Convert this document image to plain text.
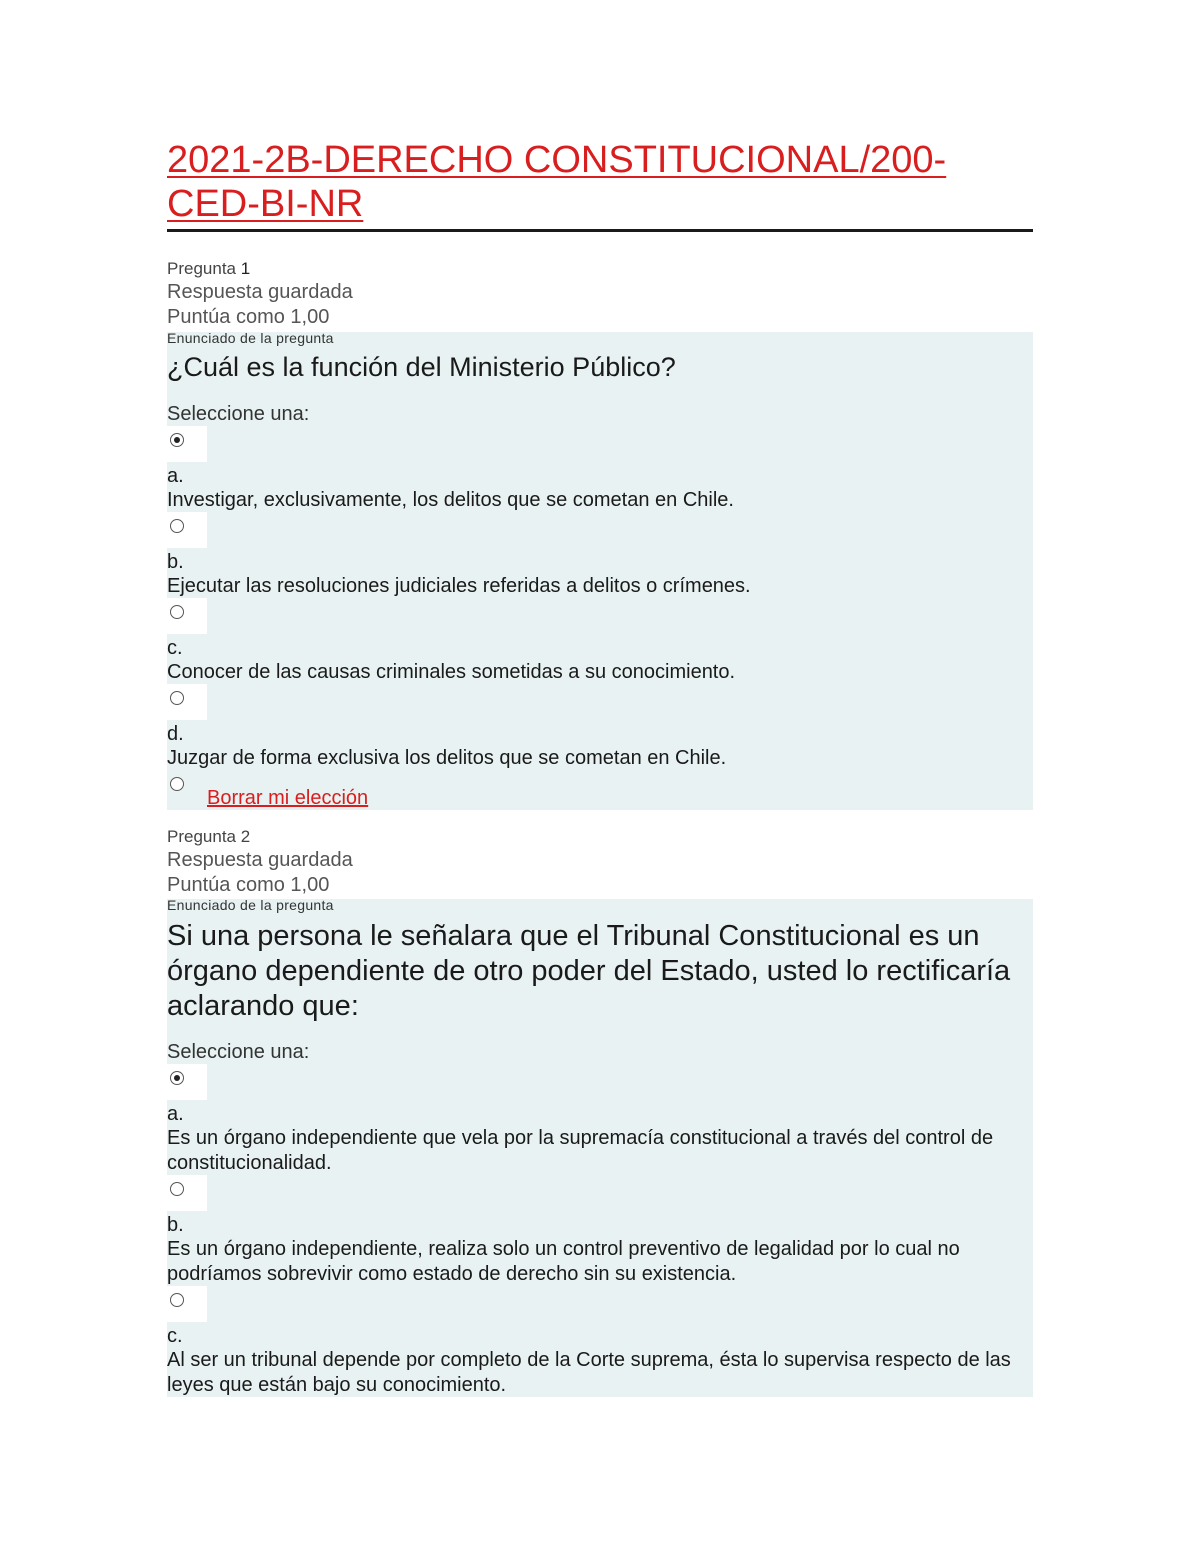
2021-2B-DERECHO CONSTITUCIONAL/200-CED-BI-NR
Pregunta 1
Respuesta guardada
Puntúa como 1,00
Enunciado de la pregunta
¿Cuál es la función del Ministerio Público?
Seleccione una:
a.
Investigar, exclusivamente, los delitos que se cometan en Chile.
b.
Ejecutar las resoluciones judiciales referidas a delitos o crímenes.
c.
Conocer de las causas criminales sometidas a su conocimiento.
d.
Juzgar de forma exclusiva los delitos que se cometan en Chile.
Borrar mi elección
Pregunta 2
Respuesta guardada
Puntúa como 1,00
Enunciado de la pregunta
Si una persona le señalara que el Tribunal Constitucional es un órgano dependiente de otro poder del Estado, usted lo rectificaría aclarando que:
Seleccione una:
a.
Es un órgano independiente que vela por la supremacía constitucional a través del control de constitucionalidad.
b.
Es un órgano independiente, realiza solo un control preventivo de legalidad por lo cual no podríamos sobrevivir como estado de derecho sin su existencia.
c.
Al ser un tribunal depende por completo de la Corte suprema, ésta lo supervisa respecto de las leyes que están bajo su conocimiento.
